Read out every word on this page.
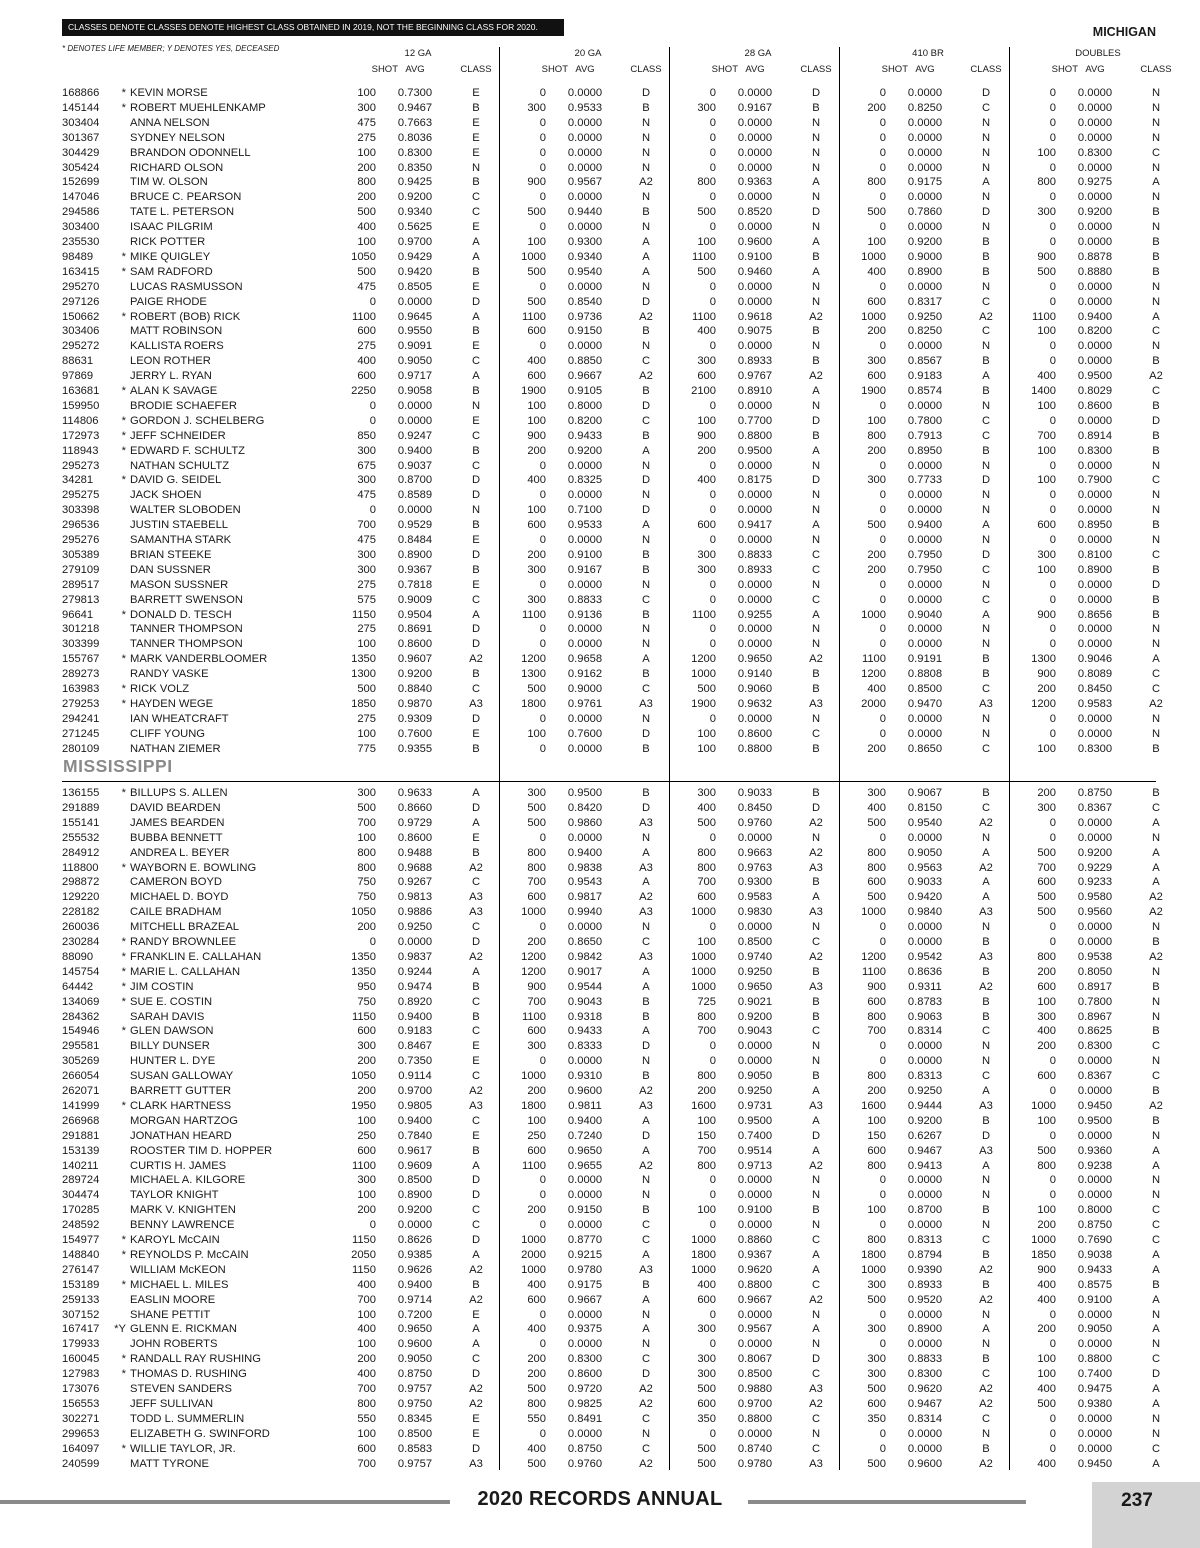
CLASSES DENOTE CLASSES DENOTE HIGHEST CLASS OBTAINED IN 2019, NOT THE BEGINNING CLASS FOR 2020.	MICHIGAN
* DENOTES LIFE MEMBER; Y DENOTES YES, DECEASED	12 GA	20 GA	28 GA	410 BR	DOUBLES
SHOT AVG	CLASS	SHOT AVG	CLASS	SHOT AVG	CLASS	SHOT AVG	CLASS	SHOT AVG	CLASS
168866	* KEVIN MORSE	100	0.7300	E	0	0.0000	D	0	0.0000	D	0	0.0000	D	0	0.0000	N
145144	* ROBERT MUEHLENKAMP	300	0.9467	B	300	0.9533	B	300	0.9167	B	200	0.8250	C	0	0.0000	N
303404	ANNA NELSON	475	0.7663	E	0	0.0000	N	0	0.0000	N	0	0.0000	N	0	0.0000	N
301367	SYDNEY NELSON	275	0.8036	E	0	0.0000	N	0	0.0000	N	0	0.0000	N	0	0.0000	N
304429	BRANDON ODONNELL	100	0.8300	E	0	0.0000	N	0	0.0000	N	0	0.0000	N	100	0.8300	C
305424	RICHARD OLSON	200	0.8350	N	0	0.0000	N	0	0.0000	N	0	0.0000	N	0	0.0000	N
152699	TIM W. OLSON	800	0.9425	B	900	0.9567	A2	800	0.9363	A	800	0.9175	A	800	0.9275	A
147046	BRUCE C. PEARSON	200	0.9200	C	0	0.0000	N	0	0.0000	N	0	0.0000	N	0	0.0000	N
294586	TATE L. PETERSON	500	0.9340	C	500	0.9440	B	500	0.8520	D	500	0.7860	D	300	0.9200	B
303400	ISAAC PILGRIM	400	0.5625	E	0	0.0000	N	0	0.0000	N	0	0.0000	N	0	0.0000	N
235530	RICK POTTER	100	0.9700	A	100	0.9300	A	100	0.9600	A	100	0.9200	B	0	0.0000	B
98489	* MIKE QUIGLEY	1050	0.9429	A	1000	0.9340	A	1100	0.9100	B	1000	0.9000	B	900	0.8878	B
163415	* SAM RADFORD	500	0.9420	B	500	0.9540	A	500	0.9460	A	400	0.8900	B	500	0.8880	B
295270	LUCAS RASMUSSON	475	0.8505	E	0	0.0000	N	0	0.0000	N	0	0.0000	N	0	0.0000	N
297126	PAIGE RHODE	0	0.0000	D	500	0.8540	D	0	0.0000	N	600	0.8317	C	0	0.0000	N
150662	* ROBERT (BOB) RICK	1100	0.9645	A	1100	0.9736	A2	1100	0.9618	A2	1000	0.9250	A2	1100	0.9400	A
303406	MATT ROBINSON	600	0.9550	B	600	0.9150	B	400	0.9075	B	200	0.8250	C	100	0.8200	C
295272	KALLISTA ROERS	275	0.9091	E	0	0.0000	N	0	0.0000	N	0	0.0000	N	0	0.0000	N
88631	LEON ROTHER	400	0.9050	C	400	0.8850	C	300	0.8933	B	300	0.8567	B	0	0.0000	B
97869	JERRY L. RYAN	600	0.9717	A	600	0.9667	A2	600	0.9767	A2	600	0.9183	A	400	0.9500	A2
163681	* ALAN K SAVAGE	2250	0.9058	B	1900	0.9105	B	2100	0.8910	A	1900	0.8574	B	1400	0.8029	C
159950	BRODIE SCHAEFER	0	0.0000	N	100	0.8000	D	0	0.0000	N	0	0.0000	N	100	0.8600	B
114806	* GORDON J. SCHELBERG	0	0.0000	E	100	0.8200	C	100	0.7700	D	100	0.7800	C	0	0.0000	D
172973	* JEFF SCHNEIDER	850	0.9247	C	900	0.9433	B	900	0.8800	B	800	0.7913	C	700	0.8914	B
118943	* EDWARD F. SCHULTZ	300	0.9400	B	200	0.9200	A	200	0.9500	A	200	0.8950	B	100	0.8300	B
295273	NATHAN SCHULTZ	675	0.9037	C	0	0.0000	N	0	0.0000	N	0	0.0000	N	0	0.0000	N
34281	* DAVID G. SEIDEL	300	0.8700	D	400	0.8325	D	400	0.8175	D	300	0.7733	D	100	0.7900	C
295275	JACK SHOEN	475	0.8589	D	0	0.0000	N	0	0.0000	N	0	0.0000	N	0	0.0000	N
303398	WALTER SLOBODEN	0	0.0000	N	100	0.7100	D	0	0.0000	N	0	0.0000	N	0	0.0000	N
296536	JUSTIN STAEBELL	700	0.9529	B	600	0.9533	A	600	0.9417	A	500	0.9400	A	600	0.8950	B
295276	SAMANTHA STARK	475	0.8484	E	0	0.0000	N	0	0.0000	N	0	0.0000	N	0	0.0000	N
305389	BRIAN STEEKE	300	0.8900	D	200	0.9100	B	300	0.8833	C	200	0.7950	D	300	0.8100	C
279109	DAN SUSSNER	300	0.9367	B	300	0.9167	B	300	0.8933	C	200	0.7950	C	100	0.8900	B
289517	MASON SUSSNER	275	0.7818	E	0	0.0000	N	0	0.0000	N	0	0.0000	N	0	0.0000	D
279813	BARRETT SWENSON	575	0.9009	C	300	0.8833	C	0	0.0000	C	0	0.0000	C	0	0.0000	B
96641	* DONALD D. TESCH	1150	0.9504	A	1100	0.9136	B	1100	0.9255	A	1000	0.9040	A	900	0.8656	B
301218	TANNER THOMPSON	275	0.8691	D	0	0.0000	N	0	0.0000	N	0	0.0000	N	0	0.0000	N
303399	TANNER THOMPSON	100	0.8600	D	0	0.0000	N	0	0.0000	N	0	0.0000	N	0	0.0000	N
155767	* MARK VANDERBLOOMER	1350	0.9607	A2	1200	0.9658	A	1200	0.9650	A2	1100	0.9191	B	1300	0.9046	A
289273	RANDY VASKE	1300	0.9200	B	1300	0.9162	B	1000	0.9140	B	1200	0.8808	B	900	0.8089	C
163983	* RICK VOLZ	500	0.8840	C	500	0.9000	C	500	0.9060	B	400	0.8500	C	200	0.8450	C
279253	* HAYDEN WEGE	1850	0.9870	A3	1800	0.9761	A3	1900	0.9632	A3	2000	0.9470	A3	1200	0.9583	A2
294241	IAN WHEATCRAFT	275	0.9309	D	0	0.0000	N	0	0.0000	N	0	0.0000	N	0	0.0000	N
271245	CLIFF YOUNG	100	0.7600	E	100	0.7600	D	100	0.8600	C	0	0.0000	N	0	0.0000	N
280109	NATHAN ZIEMER	775	0.9355	B	0	0.0000	B	100	0.8800	B	200	0.8650	C	100	0.8300	B
MISSISSIPPI
136155	* BILLUPS S. ALLEN	300	0.9633	A	300	0.9500	B	300	0.9033	B	300	0.9067	B	200	0.8750	B
291889	DAVID BEARDEN	500	0.8660	D	500	0.8420	D	400	0.8450	D	400	0.8150	C	300	0.8367	C
155141	JAMES BEARDEN	700	0.9729	A	500	0.9860	A3	500	0.9760	A2	500	0.9540	A2	0	0.0000	A
255532	BUBBA BENNETT	100	0.8600	E	0	0.0000	N	0	0.0000	N	0	0.0000	N	0	0.0000	N
284912	ANDREA L. BEYER	800	0.9488	B	800	0.9400	A	800	0.9663	A2	800	0.9050	A	500	0.9200	A
118800	* WAYBORN E. BOWLING	800	0.9688	A2	800	0.9838	A3	800	0.9763	A3	800	0.9563	A2	700	0.9229	A
298872	CAMERON BOYD	750	0.9267	C	700	0.9543	A	700	0.9300	B	600	0.9033	A	600	0.9233	A
129220	MICHAEL D. BOYD	750	0.9813	A3	600	0.9817	A2	600	0.9583	A	500	0.9420	A	500	0.9580	A2
228182	CAILE BRADHAM	1050	0.9886	A3	1000	0.9940	A3	1000	0.9830	A3	1000	0.9840	A3	500	0.9560	A2
260036	MITCHELL BRAZEAL	200	0.9250	C	0	0.0000	N	0	0.0000	N	0	0.0000	N	0	0.0000	N
230284	* RANDY BROWNLEE	0	0.0000	D	200	0.8650	C	100	0.8500	C	0	0.0000	B	0	0.0000	B
88090	* FRANKLIN E. CALLAHAN	1350	0.9837	A2	1200	0.9842	A3	1000	0.9740	A2	1200	0.9542	A3	800	0.9538	A2
145754	* MARIE L. CALLAHAN	1350	0.9244	A	1200	0.9017	A	1000	0.9250	B	1100	0.8636	B	200	0.8050	N
64442	* JIM COSTIN	950	0.9474	B	900	0.9544	A	1000	0.9650	A3	900	0.9311	A2	600	0.8917	B
134069	* SUE E. COSTIN	750	0.8920	C	700	0.9043	B	725	0.9021	B	600	0.8783	B	100	0.7800	N
284362	SARAH DAVIS	1150	0.9400	B	1100	0.9318	B	800	0.9200	B	800	0.9063	B	300	0.8967	N
154946	* GLEN DAWSON	600	0.9183	C	600	0.9433	A	700	0.9043	C	700	0.8314	C	400	0.8625	B
295581	BILLY DUNSER	300	0.8467	E	300	0.8333	D	0	0.0000	N	0	0.0000	N	200	0.8300	C
305269	HUNTER L. DYE	200	0.7350	E	0	0.0000	N	0	0.0000	N	0	0.0000	N	0	0.0000	N
266054	SUSAN GALLOWAY	1050	0.9114	C	1000	0.9310	B	800	0.9050	B	800	0.8313	C	600	0.8367	C
262071	BARRETT GUTTER	200	0.9700	A2	200	0.9600	A2	200	0.9250	A	200	0.9250	A	0	0.0000	B
141999	* CLARK HARTNESS	1950	0.9805	A3	1800	0.9811	A3	1600	0.9731	A3	1600	0.9444	A3	1000	0.9450	A2
266968	MORGAN HARTZOG	100	0.9400	C	100	0.9400	A	100	0.9500	A	100	0.9200	B	100	0.9500	B
291881	JONATHAN HEARD	250	0.7840	E	250	0.7240	D	150	0.7400	D	150	0.6267	D	0	0.0000	N
153139	ROOSTER TIM D. HOPPER	600	0.9617	B	600	0.9650	A	700	0.9514	A	600	0.9467	A3	500	0.9360	A
140211	CURTIS H. JAMES	1100	0.9609	A	1100	0.9655	A2	800	0.9713	A2	800	0.9413	A	800	0.9238	A
289724	MICHAEL A. KILGORE	300	0.8500	D	0	0.0000	N	0	0.0000	N	0	0.0000	N	0	0.0000	N
304474	TAYLOR KNIGHT	100	0.8900	D	0	0.0000	N	0	0.0000	N	0	0.0000	N	0	0.0000	N
170285	MARK V. KNIGHTEN	200	0.9200	C	200	0.9150	B	100	0.9100	B	100	0.8700	B	100	0.8000	C
248592	BENNY LAWRENCE	0	0.0000	C	0	0.0000	C	0	0.0000	N	0	0.0000	N	200	0.8750	C
154977	* KAROYL McCAIN	1150	0.8626	D	1000	0.8770	C	1000	0.8860	C	800	0.8313	C	1000	0.7690	C
148840	* REYNOLDS P. McCAIN	2050	0.9385	A	2000	0.9215	A	1800	0.9367	A	1800	0.8794	B	1850	0.9038	A
276147	WILLIAM McKEON	1150	0.9626	A2	1000	0.9780	A3	1000	0.9620	A	1000	0.9390	A2	900	0.9433	A
153189	* MICHAEL L. MILES	400	0.9400	B	400	0.9175	B	400	0.8800	C	300	0.8933	B	400	0.8575	B
259133	EASLIN MOORE	700	0.9714	A2	600	0.9667	A	600	0.9667	A2	500	0.9520	A2	400	0.9100	A
307152	SHANE PETTIT	100	0.7200	E	0	0.0000	N	0	0.0000	N	0	0.0000	N	0	0.0000	N
167417	*Y GLENN E. RICKMAN	400	0.9650	A	400	0.9375	A	300	0.9567	A	300	0.8900	A	200	0.9050	A
179933	JOHN ROBERTS	100	0.9600	A	0	0.0000	N	0	0.0000	N	0	0.0000	N	0	0.0000	N
160045	* RANDALL RAY RUSHING	200	0.9050	C	200	0.8300	C	300	0.8067	D	300	0.8833	B	100	0.8800	C
127983	* THOMAS D. RUSHING	400	0.8750	D	200	0.8600	D	300	0.8500	C	300	0.8300	C	100	0.7400	D
173076	STEVEN SANDERS	700	0.9757	A2	500	0.9720	A2	500	0.9880	A3	500	0.9620	A2	400	0.9475	A
156553	JEFF SULLIVAN	800	0.9750	A2	800	0.9825	A2	600	0.9700	A2	600	0.9467	A2	500	0.9380	A
302271	TODD L. SUMMERLIN	550	0.8345	E	550	0.8491	C	350	0.8800	C	350	0.8314	C	0	0.0000	N
299653	ELIZABETH G. SWINFORD	100	0.8500	E	0	0.0000	N	0	0.0000	N	0	0.0000	N	0	0.0000	N
164097	* WILLIE TAYLOR, JR.	600	0.8583	D	400	0.8750	C	500	0.8740	C	0	0.0000	B	0	0.0000	C
240599	MATT TYRONE	700	0.9757	A3	500	0.9760	A2	500	0.9780	A3	500	0.9600	A2	400	0.9450	A
2020 RECORDS ANNUAL	237
